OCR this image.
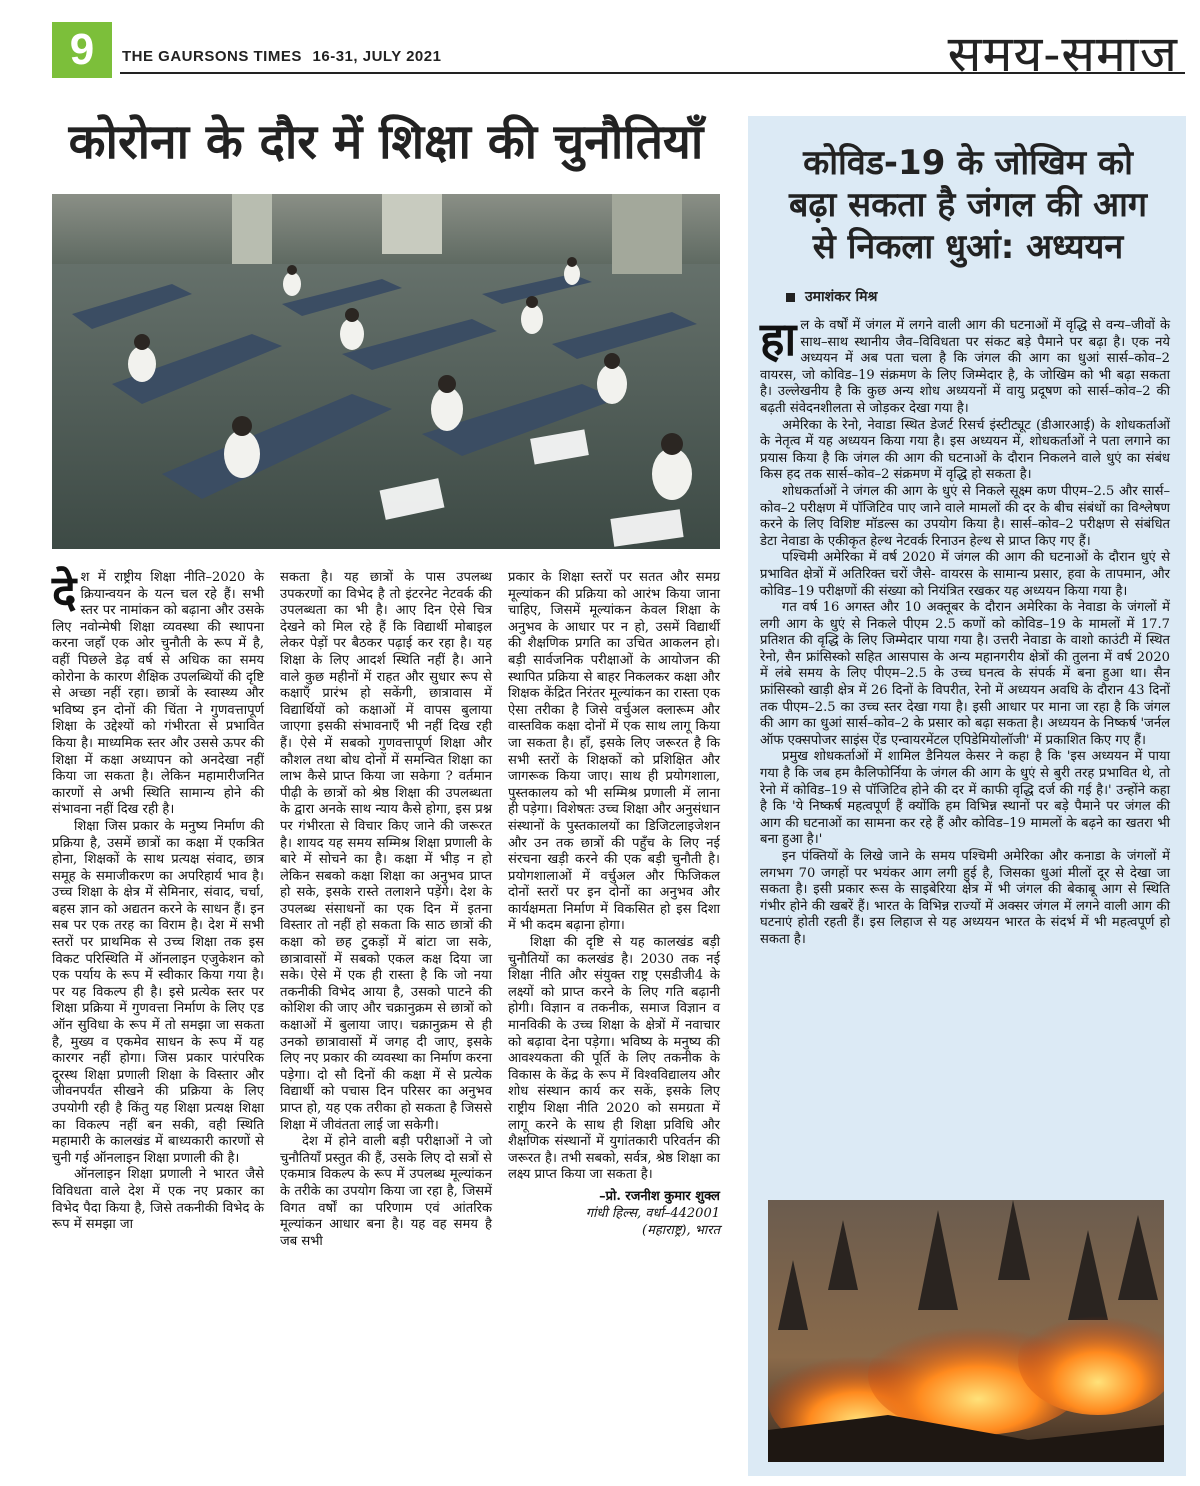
9	THE GAURSONS TIMES 16-31, JULY 2021	समय-समाज
कोरोना के दौर में शिक्षा की चुनौतियाँ

देश में राष्ट्रीय शिक्षा नीति–2020 के क्रियान्वयन के यत्न चल रहे हैं। सभी स्तर पर नामांकन को बढ़ाना और उसके लिए नवोन्मेषी शिक्षा व्यवस्था की स्थापना करना जहाँ एक ओर चुनौती के रूप में है, वहीं पिछले डेढ़ वर्ष से अधिक का समय कोरोना के कारण शैक्षिक उपलब्धियों की दृष्टि से अच्छा नहीं रहा। छात्रों के स्वास्थ्य और भविष्य इन दोनों की चिंता ने गुणवत्तापूर्ण शिक्षा के उद्देश्यों को गंभीरता से प्रभावित किया है। माध्यमिक स्तर और उससे ऊपर की शिक्षा में कक्षा अध्यापन को अनदेखा नहीं किया जा सकता है। लेकिन महामारीजनित कारणों से अभी स्थिति सामान्य होने की संभावना नहीं दिख रही है।

शिक्षा जिस प्रकार के मनुष्य निर्माण की प्रक्रिया है, उसमें छात्रों का कक्षा में एकत्रित होना, शिक्षकों के साथ प्रत्यक्ष संवाद, छात्र समूह के समाजीकरण का अपरिहार्य भाव है। उच्च शिक्षा के क्षेत्र में सेमिनार, संवाद, चर्चा, बहस ज्ञान को अद्यतन करने के साधन हैं। इन सब पर एक तरह का विराम है। देश में सभी स्तरों पर प्राथमिक से उच्च शिक्षा तक इस विकट परिस्थिति में ऑनलाइन एजुकेशन को एक पर्याय के रूप में स्वीकार किया गया है। पर यह विकल्प ही है। इसे प्रत्येक स्तर पर शिक्षा प्रक्रिया में गुणवत्ता निर्माण के लिए एड ऑन सुविधा के रूप में तो समझा जा सकता है, मुख्य व एकमेव साधन के रूप में यह कारगर नहीं होगा। जिस प्रकार पारंपरिक दूरस्थ शिक्षा प्रणाली शिक्षा के विस्तार और जीवनपर्यंत सीखने की प्रक्रिया के लिए उपयोगी रही है किंतु यह शिक्षा प्रत्यक्ष शिक्षा का विकल्प नहीं बन सकी, वही स्थिति महामारी के कालखंड में बाध्यकारी कारणों से चुनी गई ऑनलाइन शिक्षा प्रणाली की है।

ऑनलाइन शिक्षा प्रणाली ने भारत जैसे विविधता वाले देश में एक नए प्रकार का विभेद पैदा किया है, जिसे तकनीकी विभेद के रूप में समझा जा

सकता है। यह छात्रों के पास उपलब्ध उपकरणों का विभेद है तो इंटरनेट नेटवर्क की उपलब्धता का भी है। आए दिन ऐसे चित्र देखने को मिल रहे हैं कि विद्यार्थी मोबाइल लेकर पेड़ों पर बैठकर पढ़ाई कर रहा है। यह शिक्षा के लिए आदर्श स्थिति नहीं है। आने वाले कुछ महीनों में राहत और सुधार रूप से कक्षाएँ प्रारंभ हो सकेंगी, छात्रावास में विद्यार्थियों को कक्षाओं में वापस बुलाया जाएगा इसकी संभावनाएँ भी नहीं दिख रही हैं। ऐसे में सबको गुणवत्तापूर्ण शिक्षा और कौशल तथा बोध दोनों में समन्वित शिक्षा का लाभ कैसे प्राप्त किया जा सकेगा ? वर्तमान पीढ़ी के छात्रों को श्रेष्ठ शिक्षा की उपलब्धता के द्वारा अनके साथ न्याय कैसे होगा, इस प्रश्न पर गंभीरता से विचार किए जाने की जरूरत है। शायद यह समय सम्मिश्र शिक्षा प्रणाली के बारे में सोचने का है। कक्षा में भीड़ न हो लेकिन सबको कक्षा शिक्षा का अनुभव प्राप्त हो सके, इसके रास्ते तलाशने पड़ेंगे। देश के उपलब्ध संसाधनों का एक दिन में इतना विस्तार तो नहीं हो सकता कि साठ छात्रों की कक्षा को छह टुकड़ों में बांटा जा सके, छात्रावासों में सबको एकल कक्ष दिया जा सके। ऐसे में एक ही रास्ता है कि जो नया तकनीकी विभेद आया है, उसको पाटने की कोशिश की जाए और चक्रानुक्रम से छात्रों को कक्षाओं में बुलाया जाए। चक्रानुक्रम से ही उनको छात्रावासों में जगह दी जाए, इसके लिए नए प्रकार की व्यवस्था का निर्माण करना पड़ेगा। दो सौ दिनों की कक्षा में से प्रत्येक विद्यार्थी को पचास दिन परिसर का अनुभव प्राप्त हो, यह एक तरीका हो सकता है जिससे शिक्षा में जीवंतता लाई जा सकेगी।

देश में होने वाली बड़ी परीक्षाओं ने जो चुनौतियाँ प्रस्तुत की हैं, उसके लिए दो सत्रों से एकमात्र विकल्प के रूप में उपलब्ध मूल्यांकन के तरीके का उपयोग किया जा रहा है, जिसमें विगत वर्षों का परिणाम एवं आंतरिक मूल्यांकन आधार बना है। यह वह समय है जब सभी

प्रकार के शिक्षा स्तरों पर सतत और समग्र मूल्यांकन की प्रक्रिया को आरंभ किया जाना चाहिए, जिसमें मूल्यांकन केवल शिक्षा के अनुभव के आधार पर न हो, उसमें विद्यार्थी की शैक्षणिक प्रगति का उचित आकलन हो। बड़ी सार्वजनिक परीक्षाओं के आयोजन की स्थापित प्रक्रिया से बाहर निकलकर कक्षा और शिक्षक केंद्रित निरंतर मूल्यांकन का रास्ता एक ऐसा तरीका है जिसे वर्चुअल क्लारूम और वास्तविक कक्षा दोनों में एक साथ लागू किया जा सकता है। हाँ, इसके लिए जरूरत है कि सभी स्तरों के शिक्षकों को प्रशिक्षित और जागरूक किया जाए। साथ ही प्रयोगशाला, पुस्तकालय को भी सम्मिश्र प्रणाली में लाना ही पड़ेगा। विशेषतः उच्च शिक्षा और अनुसंधान संस्थानों के पुस्तकालयों का डिजिटलाइजेशन और उन तक छात्रों की पहुँच के लिए नई संरचना खड़ी करने की एक बड़ी चुनौती है। प्रयोगशालाओं में वर्चुअल और फिजिकल दोनों स्तरों पर इन दोनों का अनुभव और कार्यक्षमता निर्माण में विकसित हो इस दिशा में भी कदम बढ़ाना होगा।

शिक्षा की दृष्टि से यह कालखंड बड़ी चुनौतियों का कलखंड है। 2030 तक नई शिक्षा नीति और संयुक्त राष्ट्र एसडीजी4 के लक्ष्यों को प्राप्त करने के लिए गति बढ़ानी होगी। विज्ञान व तकनीक, समाज विज्ञान व मानविकी के उच्च शिक्षा के क्षेत्रों में नवाचार को बढ़ावा देना पड़ेगा। भविष्य के मनुष्य की आवश्यकता की पूर्ति के लिए तकनीक के विकास के केंद्र के रूप में विश्वविद्यालय और शोध संस्थान कार्य कर सकें, इसके लिए राष्ट्रीय शिक्षा नीति 2020 को समग्रता में लागू करने के साथ ही शिक्षा प्रविधि और शैक्षणिक संस्थानों में युगांतकारी परिवर्तन की जरूरत है। तभी सबको, सर्वत्र, श्रेष्ठ शिक्षा का लक्ष्य प्राप्त किया जा सकता है।

–प्रो. रजनीश कुमार शुक्ल
गांधी हिल्स, वर्धा–442001
(महाराष्ट्र), भारत
कोविड-19 के जोखिम को
बढ़ा सकता है जंगल की आग
से निकला धुआं: अध्ययन
उमाशंकर मिश्र

हाल के वर्षों में जंगल में लगने वाली आग की घटनाओं में वृद्धि से वन्य–जीवों के साथ–साथ स्थानीय जैव–विविधता पर संकट बड़े पैमाने पर बढ़ा है। एक नये अध्ययन में अब पता चला है कि जंगल की आग का धुआं सार्स–कोव–2 वायरस, जो कोविड–19 संक्रमण के लिए जिम्मेदार है, के जोखिम को भी बढ़ा सकता है। उल्लेखनीय है कि कुछ अन्य शोध अध्ययनों में वायु प्रदूषण को सार्स–कोव–2 की बढ़ती संवेदनशीलता से जोड़कर देखा गया है।

अमेरिका के रेनो, नेवाडा स्थित डेजर्ट रिसर्च इंस्टीट्यूट (डीआरआई) के शोधकर्ताओं के नेतृत्व में यह अध्ययन किया गया है। इस अध्ययन में, शोधकर्ताओं ने पता लगाने का प्रयास किया है कि जंगल की आग की घटनाओं के दौरान निकलने वाले धुएं का संबंध किस हद तक सार्स–कोव–2 संक्रमण में वृद्धि हो सकता है।

शोधकर्ताओं ने जंगल की आग के धुएं से निकले सूक्ष्म कण पीएम–2.5 और सार्स–कोव–2 परीक्षण में पॉजिटिव पाए जाने वाले मामलों की दर के बीच संबंधों का विश्लेषण करने के लिए विशिष्ट मॉडल्स का उपयोग किया है। सार्स–कोव–2 परीक्षण से संबंधित डेटा नेवाडा के एकीकृत हेल्थ नेटवर्क रिनाउन हेल्थ से प्राप्त किए गए हैं।

पश्चिमी अमेरिका में वर्ष 2020 में जंगल की आग की घटनाओं के दौरान धुएं से प्रभावित क्षेत्रों में अतिरिक्त चरों जैसे- वायरस के सामान्य प्रसार, हवा के तापमान, और कोविड–19 परीक्षणों की संख्या को नियंत्रित रखकर यह अध्ययन किया गया है।

गत वर्ष 16 अगस्त और 10 अक्तूबर के दौरान अमेरिका के नेवाडा के जंगलों में लगी आग के धुएं से निकले पीएम 2.5 कणों को कोविड–19 के मामलों में 17.7 प्रतिशत की वृद्धि के लिए जिम्मेदार पाया गया है। उत्तरी नेवाडा के वाशो काउंटी में स्थित रेनो, सैन फ्रांसिस्को सहित आसपास के अन्य महानगरीय क्षेत्रों की तुलना में वर्ष 2020 में लंबे समय के लिए पीएम–2.5 के उच्च घनत्व के संपर्क में बना हुआ था। सैन फ्रांसिस्को खाड़ी क्षेत्र में 26 दिनों के विपरीत, रेनो में अध्ययन अवधि के दौरान 43 दिनों तक पीएम–2.5 का उच्च स्तर देखा गया है। इसी आधार पर माना जा रहा है कि जंगल की आग का धुआं सार्स–कोव–2 के प्रसार को बढ़ा सकता है। अध्ययन के निष्कर्ष 'जर्नल ऑफ एक्सपोजर साइंस ऐंड एन्वायरमेंटल एपिडेमियोलॉजी' में प्रकाशित किए गए हैं।

प्रमुख शोधकर्ताओं में शामिल डैनियल केसर ने कहा है कि 'इस अध्ययन में पाया गया है कि जब हम कैलिफोर्निया के जंगल की आग के धुएं से बुरी तरह प्रभावित थे, तो रेनो में कोविड–19 से पॉजिटिव होने की दर में काफी वृद्धि दर्ज की गई है।' उन्होंने कहा है कि 'ये निष्कर्ष महत्वपूर्ण हैं क्योंकि हम विभिन्न स्थानों पर बड़े पैमाने पर जंगल की आग की घटनाओं का सामना कर रहे हैं और कोविड–19 मामलों के बढ़ने का खतरा भी बना हुआ है।'

इन पंक्तियों के लिखे जाने के समय पश्चिमी अमेरिका और कनाडा के जंगलों में लगभग 70 जगहों पर भयंकर आग लगी हुई है, जिसका धुआं मीलों दूर से देखा जा सकता है। इसी प्रकार रूस के साइबेरिया क्षेत्र में भी जंगल की बेकाबू आग से स्थिति गंभीर होने की खबरें हैं। भारत के विभिन्न राज्यों में अक्सर जंगल में लगने वाली आग की घटनाएं होती रहती हैं। इस लिहाज से यह अध्ययन भारत के संदर्भ में भी महत्वपूर्ण हो सकता है।
